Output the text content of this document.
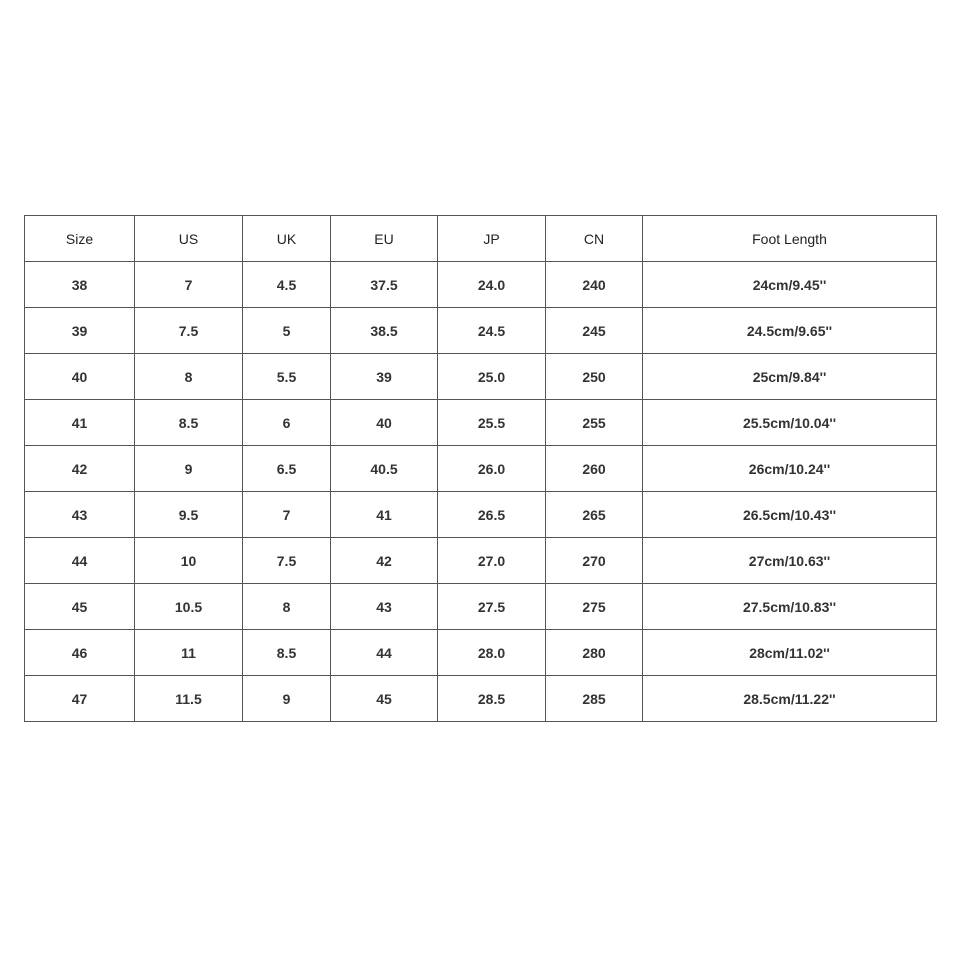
Size	US	UK	EU	JP	CN	Foot Length
38	7	4.5	37.5	24.0	240	24cm/9.45''
39	7.5	5	38.5	24.5	245	24.5cm/9.65''
40	8	5.5	39	25.0	250	25cm/9.84''
41	8.5	6	40	25.5	255	25.5cm/10.04''
42	9	6.5	40.5	26.0	260	26cm/10.24''
43	9.5	7	41	26.5	265	26.5cm/10.43''
44	10	7.5	42	27.0	270	27cm/10.63''
45	10.5	8	43	27.5	275	27.5cm/10.83''
46	11	8.5	44	28.0	280	28cm/11.02''
47	11.5	9	45	28.5	285	28.5cm/11.22''
